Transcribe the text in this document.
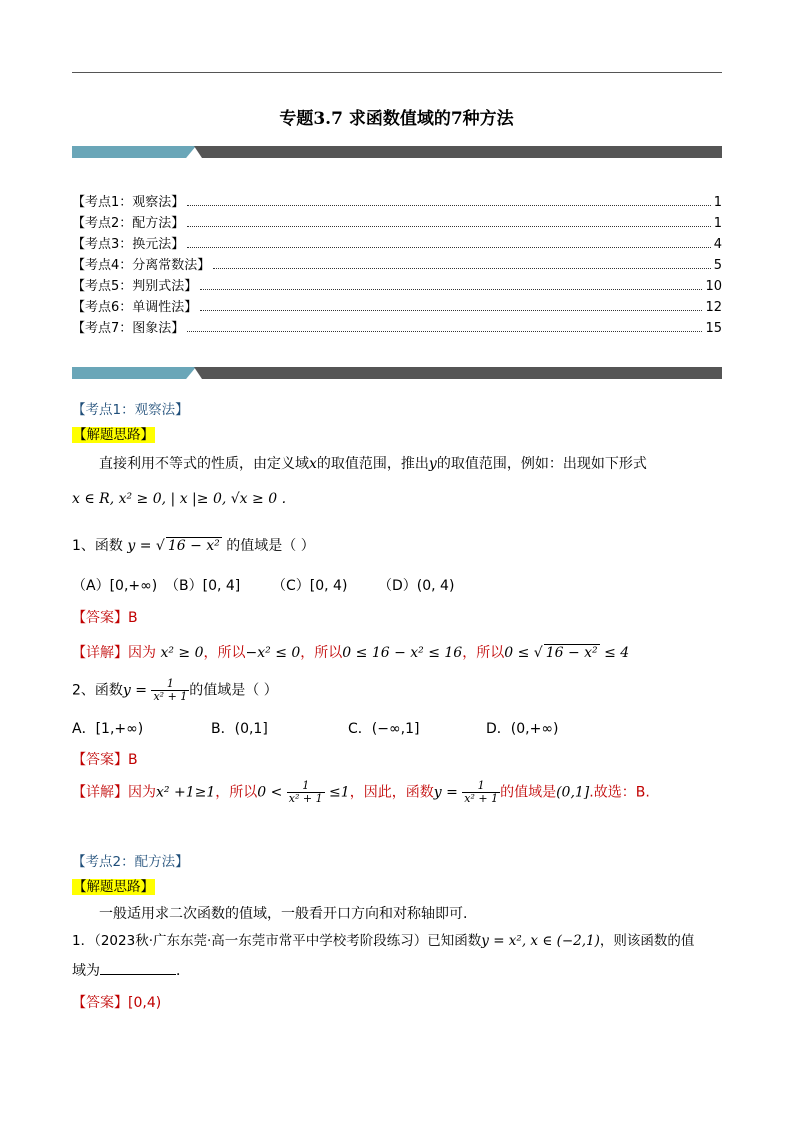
专题3.7 求函数值域的7种方法
【考点1：观察法】	1
【考点2：配方法】	1
【考点3：换元法】	4
【考点4：分离常数法】	5
【考点5：判别式法】	10
【考点6：单调性法】	12
【考点7：图象法】	15
【考点1：观察法】
【解题思路】
直接利用不等式的性质，由定义域x的取值范围，推出y的取值范围，例如：出现如下形式
x ∈ R, x² ≥ 0, | x |≥ 0, √x ≥ 0 .
1、函数 y = √ 16 − x² 的值域是（ ）
（A）[0,+∞) （B）[0, 4] （C）[0, 4) （D）(0, 4)
【答案】B
【详解】因为 x² ≥ 0，所以−x² ≤ 0，所以0 ≤ 16 − x² ≤ 16，所以0 ≤ √ 16 − x² ≤ 4
2、函数$y = \frac{1}{\text{x² + 1}}$ 的值域是（ ）
A．[1,+∞)	B．(0,1]	C．(−∞,1]	D．(0,+∞)
【答案】B
【详解】因为x² +1≥1，所以$0 < \frac{1}{\text{x² + 1}} \le 1$，因此，函数$y = \frac{1}{\text{x² + 1}}$ 的值域是(0,1].故选：B.
【考点2：配方法】
【解题思路】
一般适用求二次函数的值域，一般看开口方向和对称轴即可.
1．（2023秋·广东东莞·高一东莞市常平中学校考阶段练习）已知函数y = x², x ∈ (−2,1)，则该函数的值
域为	．
【答案】[0,4)
